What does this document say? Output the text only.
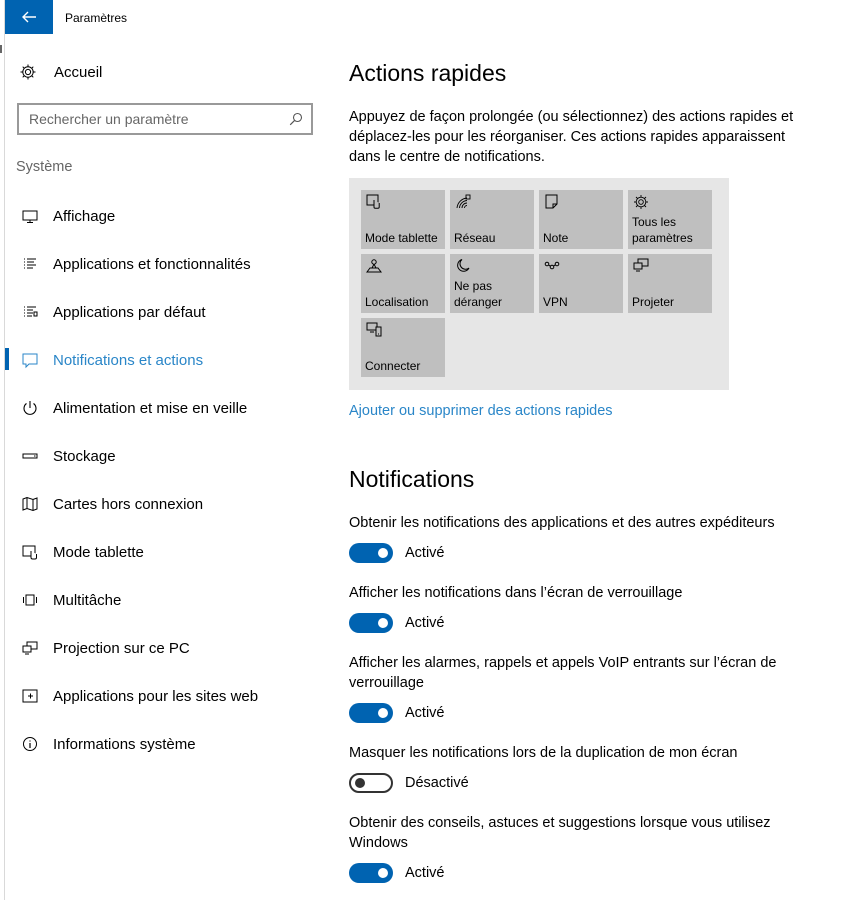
Paramètres
Accueil
Rechercher un paramètre
Système
Affichage
Applications et fonctionnalités
Applications par défaut
Notifications et actions
Alimentation et mise en veille
Stockage
Cartes hors connexion
Mode tablette
Multitâche
Projection sur ce PC
Applications pour les sites web
Informations système
Actions rapides

Appuyez de façon prolongée (ou sélectionnez) des actions rapides et déplacez-les pour les réorganiser. Ces actions rapides apparaissent dans le centre de notifications.

Mode tablette	Réseau	Note
Tous les paramètres
Localisation
Ne pas déranger	VPN	Projeter
Connecter
Ajouter ou supprimer des actions rapides
Notifications
Obtenir les notifications des applications et des autres expéditeurs
Activé
Afficher les notifications dans l’écran de verrouillage
Activé
Afficher les alarmes, rappels et appels VoIP entrants sur l’écran de verrouillage
Activé
Masquer les notifications lors de la duplication de mon écran
Désactivé
Obtenir des conseils, astuces et suggestions lorsque vous utilisez Windows
Activé
